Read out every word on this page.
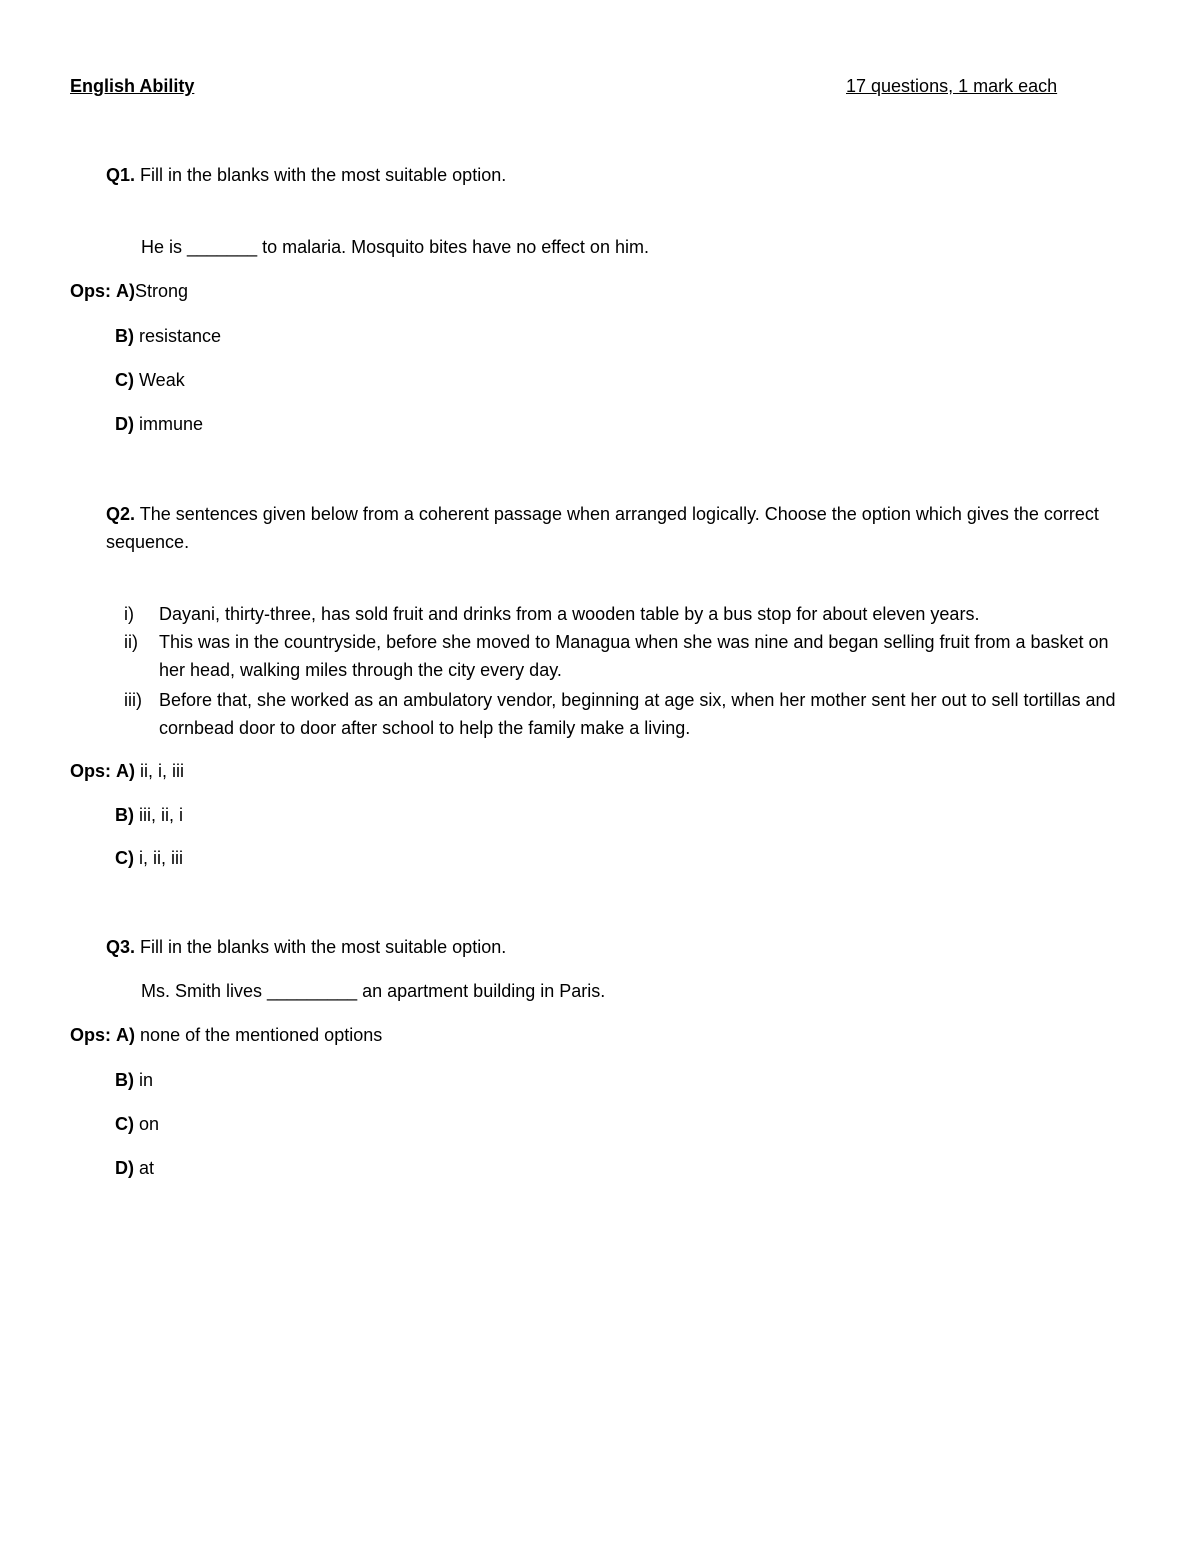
English Ability	17 questions, 1 mark each
Q1. Fill in the blanks with the most suitable option.
He is _______ to malaria. Mosquito bites have no effect on him.
Ops: A)Strong
B) resistance
C) Weak
D) immune
Q2. The sentences given below from a coherent passage when arranged logically. Choose the option which gives the correct sequence.
i)	Dayani, thirty-three, has sold fruit and drinks from a wooden table by a bus stop for about eleven years.
ii)	This was in the countryside, before she moved to Managua when she was nine and began selling fruit from a basket on her head, walking miles through the city every day.
iii) Before that, she worked as an ambulatory vendor, beginning at age six, when her mother sent her out to sell tortillas and cornbead door to door after school to help the family make a living.
Ops: A) ii, i, iii
B) iii, ii, i
C) i, ii, iii
Q3. Fill in the blanks with the most suitable option.
Ms. Smith lives _________ an apartment building in Paris.
Ops: A) none of the mentioned options
B) in
C) on
D) at
